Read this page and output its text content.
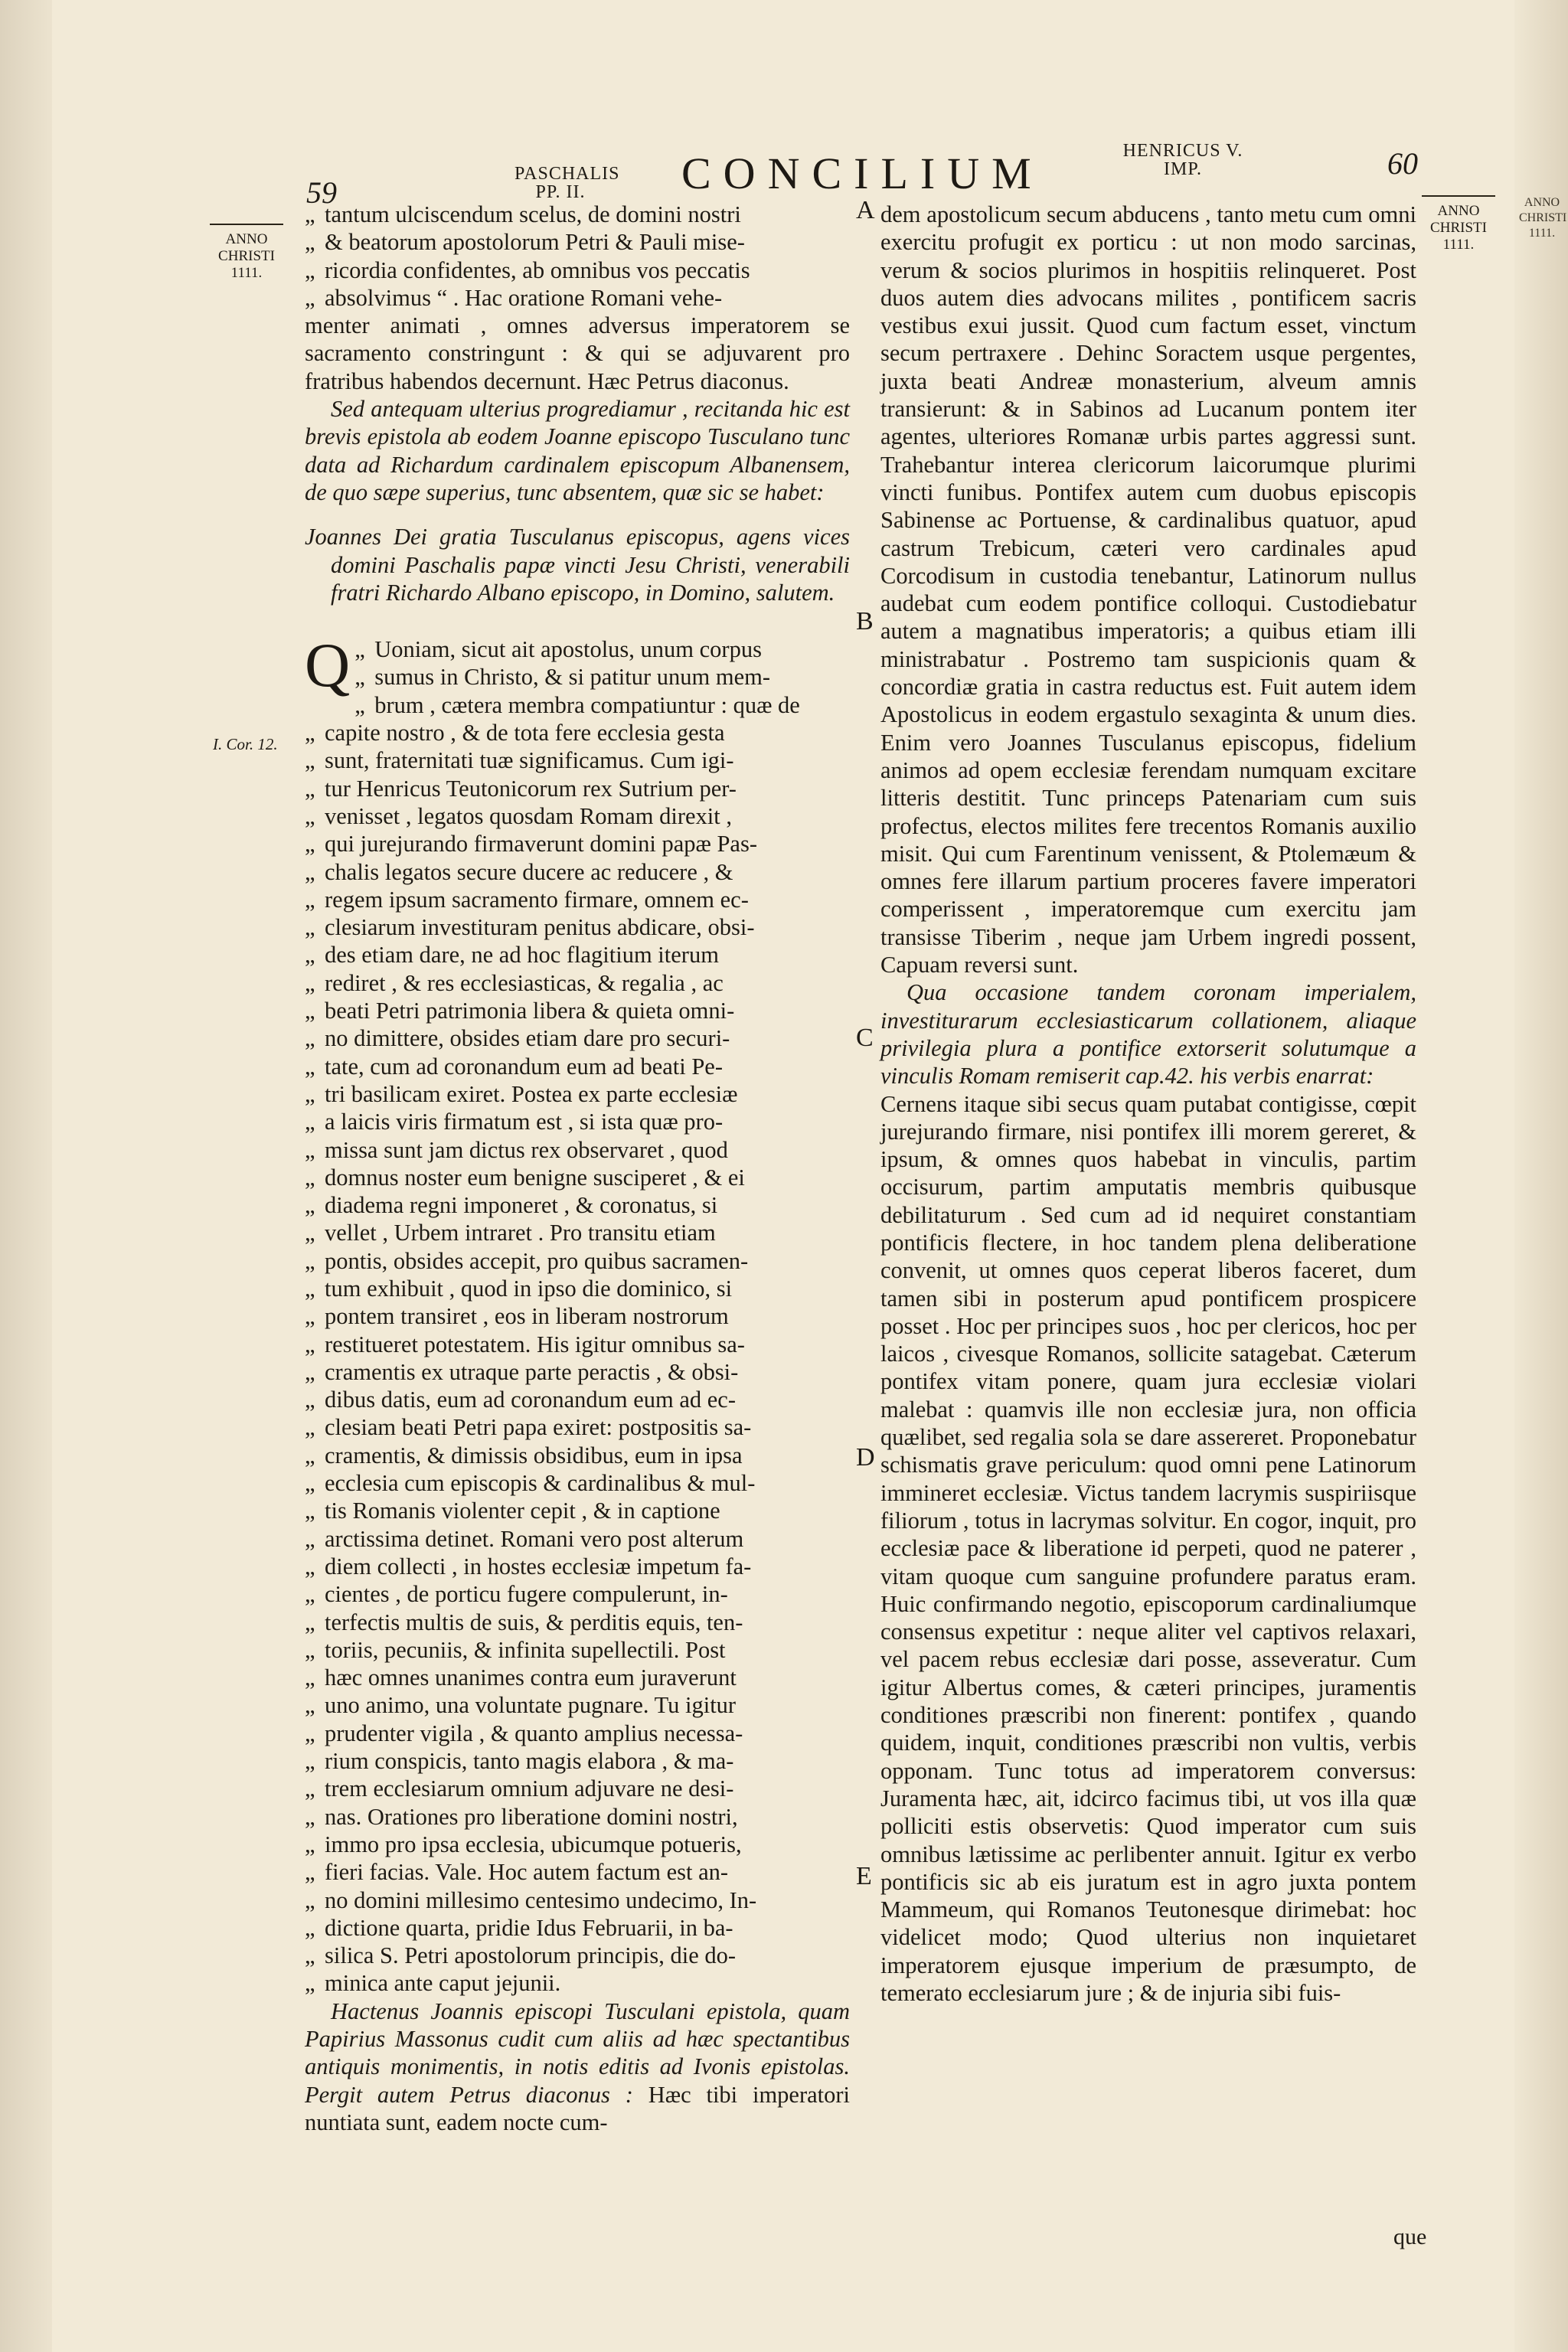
ANNO CHRISTI 1111.
PASCHALIS PP. II.	CONCILIUM	HENRICUS V. IMP.
59
60
ANNO CHRISTI 1111.
ANNO CHRISTI 1111.
I. Cor. 12.
A
B
C
D
E
„ tantum ulciscendum scelus, de domini nostri
„ & beatorum apostolorum Petri & Pauli mise-
„ ricordia confidentes, ab omnibus vos peccatis
„ absolvimus “ . Hac oratione Romani vehe-

menter animati , omnes adversus imperatorem se sacramento constringunt : & qui se adjuvarent pro fratribus habendos decernunt. Hæc Petrus diaconus.

Sed antequam ulterius progrediamur , recitanda hic est brevis epistola ab eodem Joanne episcopo Tusculano tunc data ad Richardum cardinalem episcopum Albanensem, de quo sæpe superius, tunc absentem, quæ sic se habet:

Joannes Dei gratia Tusculanus episcopus, agens vices domini Paschalis papæ vincti Jesu Christi, venerabili fratri Richardo Albano episcopo, in Domino, salutem.

Q
„	Uoniam, sicut ait apostolus, unum corpus
„ sumus in Christo, & si patitur unum mem-
„ brum , cætera membra compatiuntur : quæ de
„ capite nostro , & de tota fere ecclesia gesta
„ sunt, fraternitati tuæ significamus. Cum igi-
„ tur Henricus Teutonicorum rex Sutrium per-
„ venisset , legatos quosdam Romam direxit ,
„ qui jurejurando firmaverunt domini papæ Pas-
„ chalis legatos secure ducere ac reducere , &
„ regem ipsum sacramento firmare, omnem ec-
„ clesiarum investituram penitus abdicare, obsi-
„ des etiam dare, ne ad hoc flagitium iterum
„ rediret , & res ecclesiasticas, & regalia , ac
„ beati Petri patrimonia libera & quieta omni-
„ no dimittere, obsides etiam dare pro securi-
„ tate, cum ad coronandum eum ad beati Pe-
„ tri basilicam exiret. Postea ex parte ecclesiæ
„ a laicis viris firmatum est , si ista quæ pro-
„ missa sunt jam dictus rex observaret , quod
„ domnus noster eum benigne susciperet , & ei
„ diadema regni imponeret , & coronatus, si
„ vellet , Urbem intraret . Pro transitu etiam
„ pontis, obsides accepit, pro quibus sacramen-
„ tum exhibuit , quod in ipso die dominico, si
„ pontem transiret , eos in liberam nostrorum
„ restitueret potestatem. His igitur omnibus sa-
„ cramentis ex utraque parte peractis , & obsi-
„ dibus datis, eum ad coronandum eum ad ec-
„ clesiam beati Petri papa exiret: postpositis sa-
„ cramentis, & dimissis obsidibus, eum in ipsa
„ ecclesia cum episcopis & cardinalibus & mul-
„ tis Romanis violenter cepit , & in captione
„ arctissima detinet. Romani vero post alterum
„ diem collecti , in hostes ecclesiæ impetum fa-
„ cientes , de porticu fugere compulerunt, in-
„ terfectis multis de suis, & perditis equis, ten-
„ toriis, pecuniis, & infinita supellectili. Post
„ hæc omnes unanimes contra eum juraverunt
„ uno animo, una voluntate pugnare. Tu igitur
„ prudenter vigila , & quanto amplius necessa-
„ rium conspicis, tanto magis elabora , & ma-
„ trem ecclesiarum omnium adjuvare ne desi-
„ nas. Orationes pro liberatione domini nostri,
„ immo pro ipsa ecclesia, ubicumque potueris,
„ fieri facias. Vale. Hoc autem factum est an-
„ no domini millesimo centesimo undecimo, In-
„ dictione quarta, pridie Idus Februarii, in ba-
„ silica S. Petri apostolorum principis, die do-
„ minica ante caput jejunii.

Hactenus Joannis episcopi Tusculani epistola, quam Papirius Massonus cudit cum aliis ad hæc spectantibus antiquis monimentis, in notis editis ad Ivonis epistolas. Pergit autem Petrus diaconus : Hæc tibi imperatori nuntiata sunt, eadem nocte cum-

dem apostolicum secum abducens , tanto metu cum omni exercitu profugit ex porticu : ut non modo sarcinas, verum & socios plurimos in hospitiis relinqueret. Post duos autem dies advocans milites , pontificem sacris vestibus exui jussit. Quod cum factum esset, vinctum secum pertraxere . Dehinc Soractem usque pergentes, juxta beati Andreæ monasterium, alveum amnis transierunt: & in Sabinos ad Lucanum pontem iter agentes, ulteriores Romanæ urbis partes aggressi sunt. Trahebantur interea clericorum laicorumque plurimi vincti funibus. Pontifex autem cum duobus episcopis Sabinense ac Portuense, & cardinalibus quatuor, apud castrum Trebicum, cæteri vero cardinales apud Corcodisum in custodia tenebantur, Latinorum nullus audebat cum eodem pontifice colloqui. Custodiebatur autem a magnatibus imperatoris; a quibus etiam illi ministrabatur . Postremo tam suspicionis quam & concordiæ gratia in castra reductus est. Fuit autem idem Apostolicus in eodem ergastulo sexaginta & unum dies. Enim vero Joannes Tusculanus episcopus, fidelium animos ad opem ecclesiæ ferendam numquam excitare litteris destitit. Tunc princeps Patenariam cum suis profectus, electos milites fere trecentos Romanis auxilio misit. Qui cum Farentinum venissent, & Ptolemæum & omnes fere illarum partium proceres favere imperatori comperissent , imperatoremque cum exercitu jam transisse Tiberim , neque jam Urbem ingredi possent, Capuam reversi sunt.

Qua occasione tandem coronam imperialem, investiturarum ecclesiasticarum collationem, aliaque privilegia plura a pontifice extorserit solutumque a vinculis Romam remiserit cap.42. his verbis enarrat:

Cernens itaque sibi secus quam putabat contigisse, cœpit jurejurando firmare, nisi pontifex illi morem gereret, & ipsum, & omnes quos habebat in vinculis, partim occisurum, partim amputatis membris quibusque debilitaturum . Sed cum ad id nequiret constantiam pontificis flectere, in hoc tandem plena deliberatione convenit, ut omnes quos ceperat liberos faceret, dum tamen sibi in posterum apud pontificem prospicere posset . Hoc per principes suos , hoc per clericos, hoc per laicos , civesque Romanos, sollicite satagebat. Cæterum pontifex vitam ponere, quam jura ecclesiæ violari malebat : quamvis ille non ecclesiæ jura, non officia quælibet, sed regalia sola se dare assereret. Proponebatur schismatis grave periculum: quod omni pene Latinorum immineret ecclesiæ. Victus tandem lacrymis suspiriisque filiorum , totus in lacrymas solvitur. En cogor, inquit, pro ecclesiæ pace & liberatione id perpeti, quod ne paterer , vitam quoque cum sanguine profundere paratus eram. Huic confirmando negotio, episcoporum cardinaliumque consensus expetitur : neque aliter vel captivos relaxari, vel pacem rebus ecclesiæ dari posse, asseveratur. Cum igitur Albertus comes, & cæteri principes, juramentis conditiones præscribi non finerent: pontifex , quando quidem, inquit, conditiones præscribi non vultis, verbis opponam. Tunc totus ad imperatorem conversus: Juramenta hæc, ait, idcirco facimus tibi, ut vos illa quæ polliciti estis observetis: Quod imperator cum suis omnibus lætissime ac perlibenter annuit. Igitur ex verbo pontificis sic ab eis juratum est in agro juxta pontem Mammeum, qui Romanos Teutonesque dirimebat: hoc videlicet modo; Quod ulterius non inquietaret imperatorem ejusque imperium de præsumpto, de temerato ecclesiarum jure ; & de injuria sibi fuis-

que
